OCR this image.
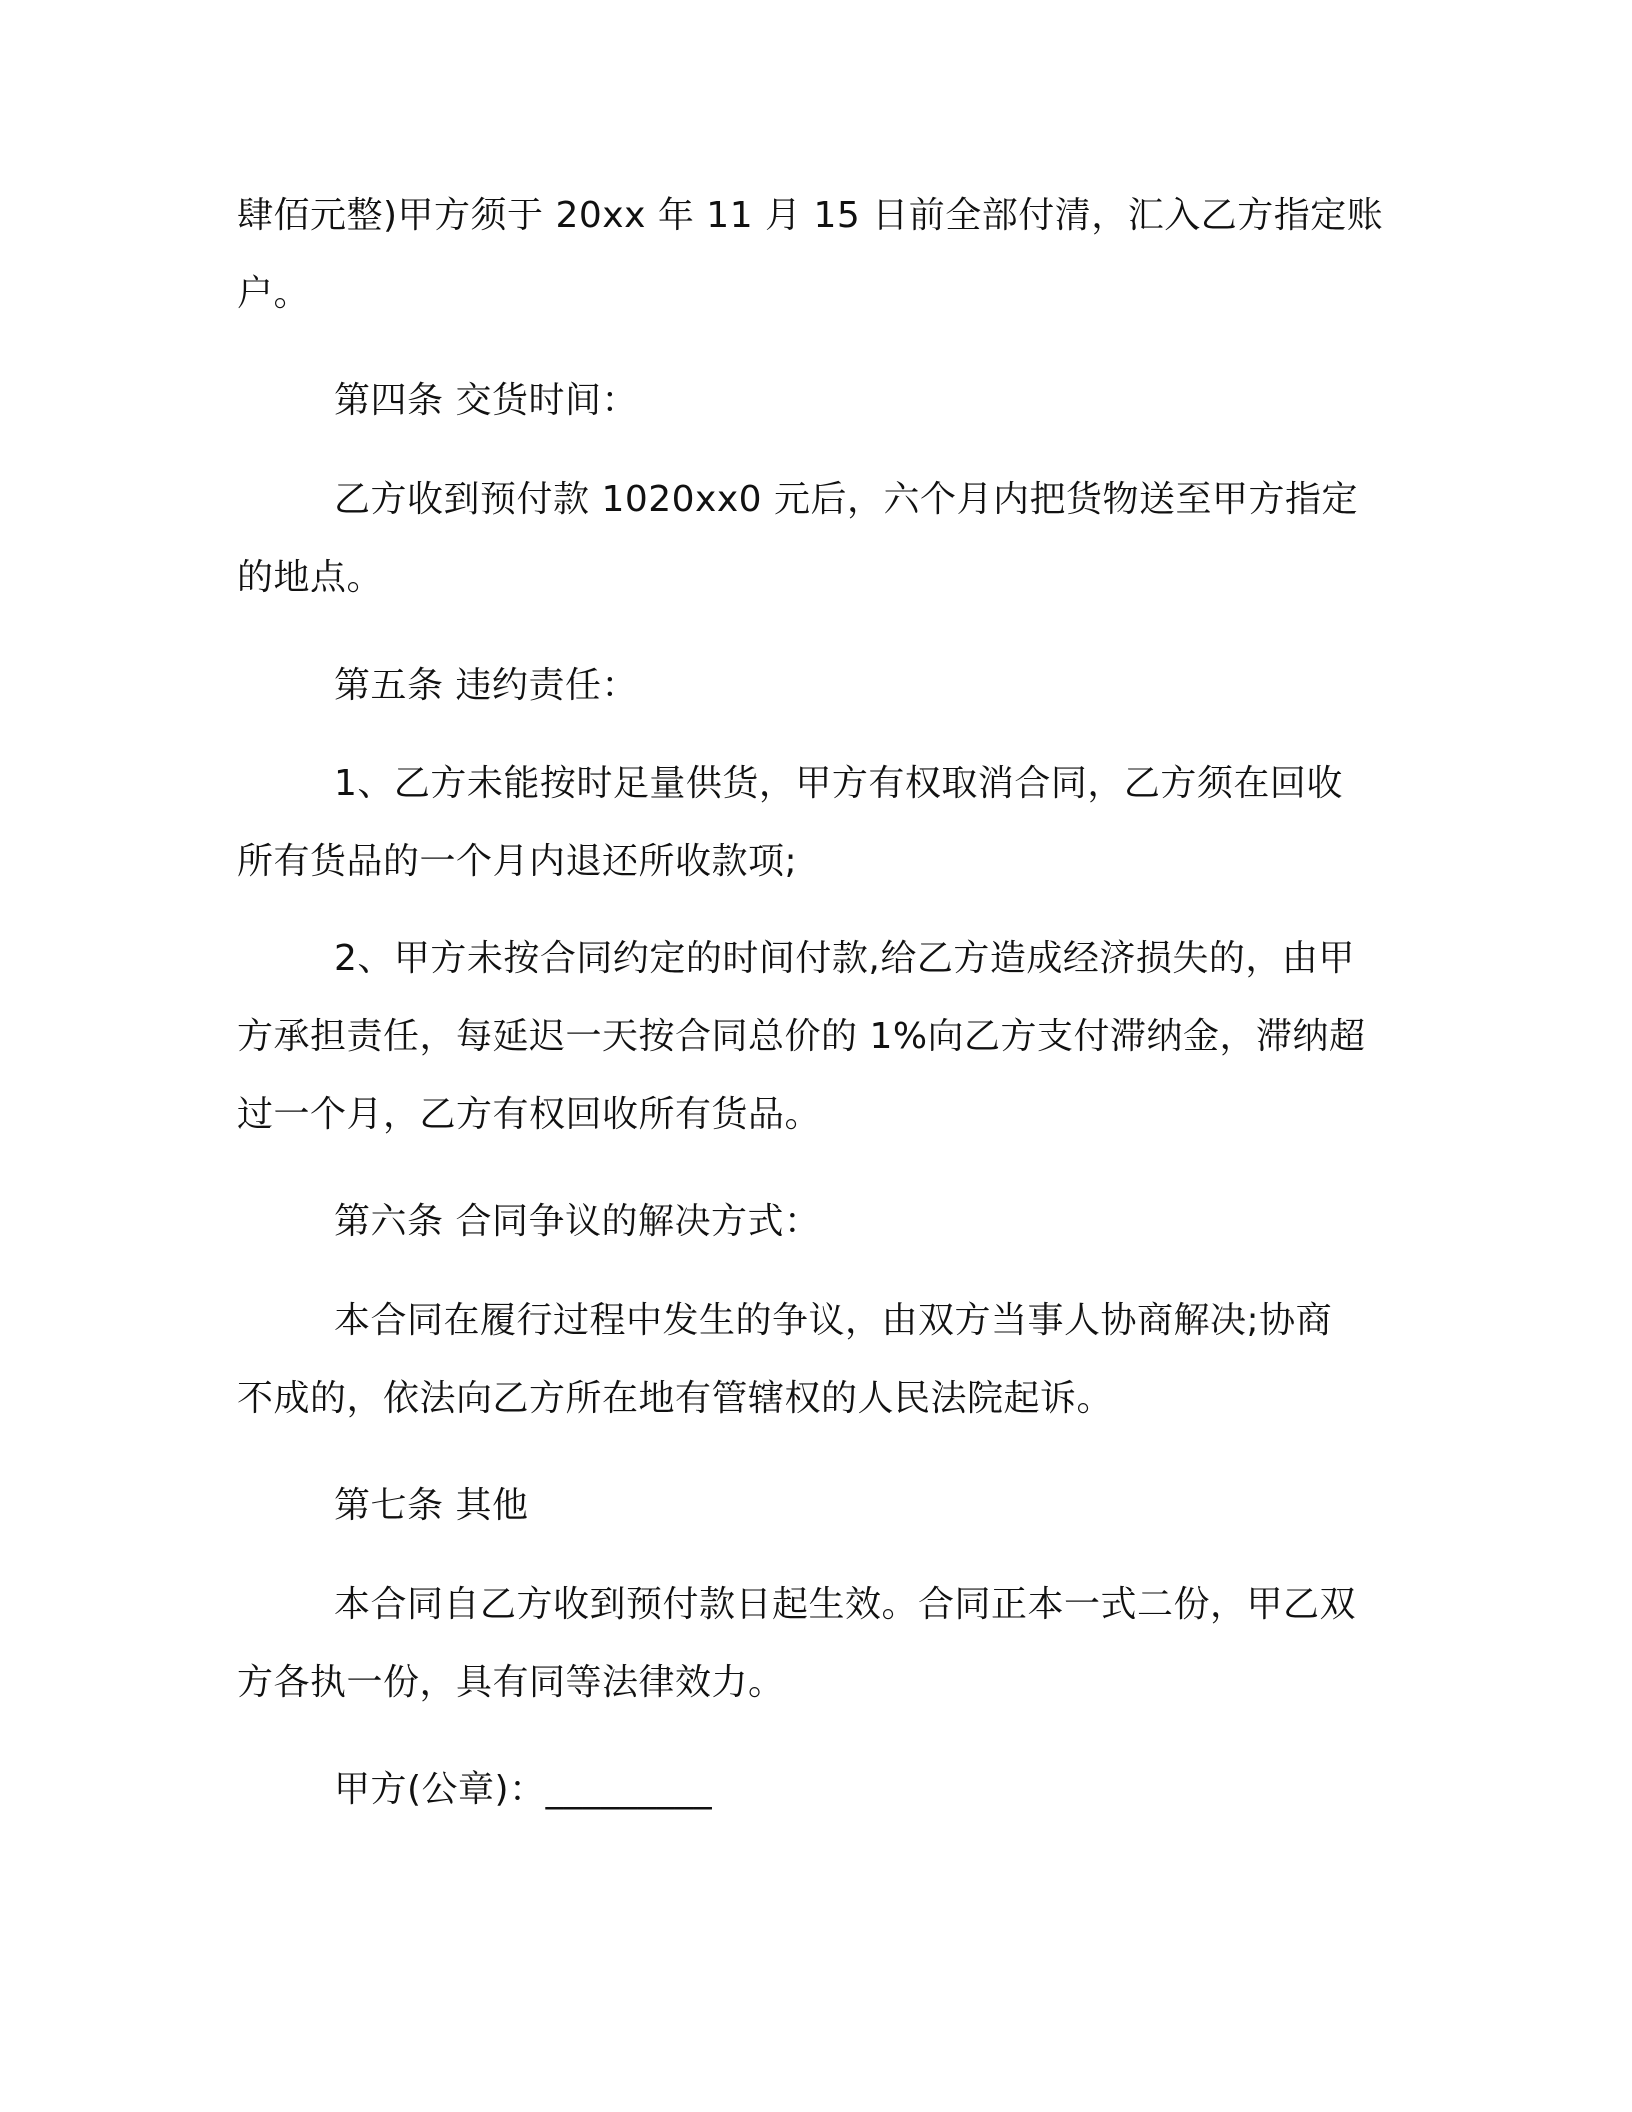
肆佰元整)甲方须于 20xx 年 11 月 15 日前全部付清，汇入乙方指定账
户。
第四条 交货时间：
乙方收到预付款 1020xx0 元后，六个月内把货物送至甲方指定
的地点。
第五条 违约责任：
1、乙方未能按时足量供货，甲方有权取消合同，乙方须在回收
所有货品的一个月内退还所收款项;
2、甲方未按合同约定的时间付款,给乙方造成经济损失的，由甲
方承担责任，每延迟一天按合同总价的 1%向乙方支付滞纳金，滞纳超
过一个月，乙方有权回收所有货品。
第六条 合同争议的解决方式：
本合同在履行过程中发生的争议，由双方当事人协商解决;协商
不成的，依法向乙方所在地有管辖权的人民法院起诉。
第七条 其他
本合同自乙方收到预付款日起生效。合同正本一式二份，甲乙双
方各执一份，具有同等法律效力。
甲方(公章)：_________
